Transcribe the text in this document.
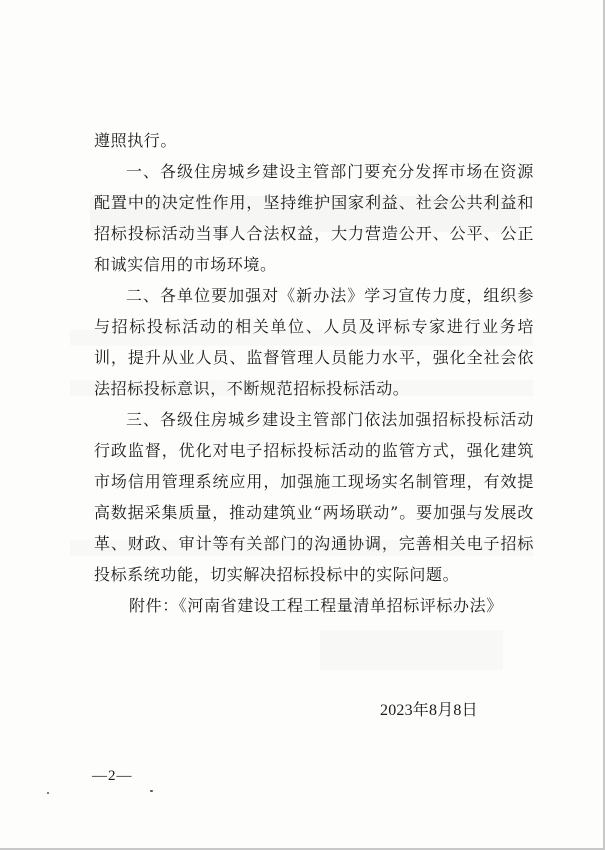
遵照执行。

一、各级住房城乡建设主管部门要充分发挥市场在资源配置中的决定性作用，坚持维护国家利益、社会公共利益和招标投标活动当事人合法权益，大力营造公开、公平、公正和诚实信用的市场环境。

二、各单位要加强对《新办法》学习宣传力度，组织参与招标投标活动的相关单位、人员及评标专家进行业务培训，提升从业人员、监督管理人员能力水平，强化全社会依法招标投标意识，不断规范招标投标活动。

三、各级住房城乡建设主管部门依法加强招标投标活动行政监督，优化对电子招标投标活动的监管方式，强化建筑市场信用管理系统应用，加强施工现场实名制管理，有效提高数据采集质量，推动建筑业“两场联动”。要加强与发展改革、财政、审计等有关部门的沟通协调，完善相关电子招标投标系统功能，切实解决招标投标中的实际问题。

附件：《河南省建设工程工程量清单招标评标办法》
2023年8月8日
—2—
